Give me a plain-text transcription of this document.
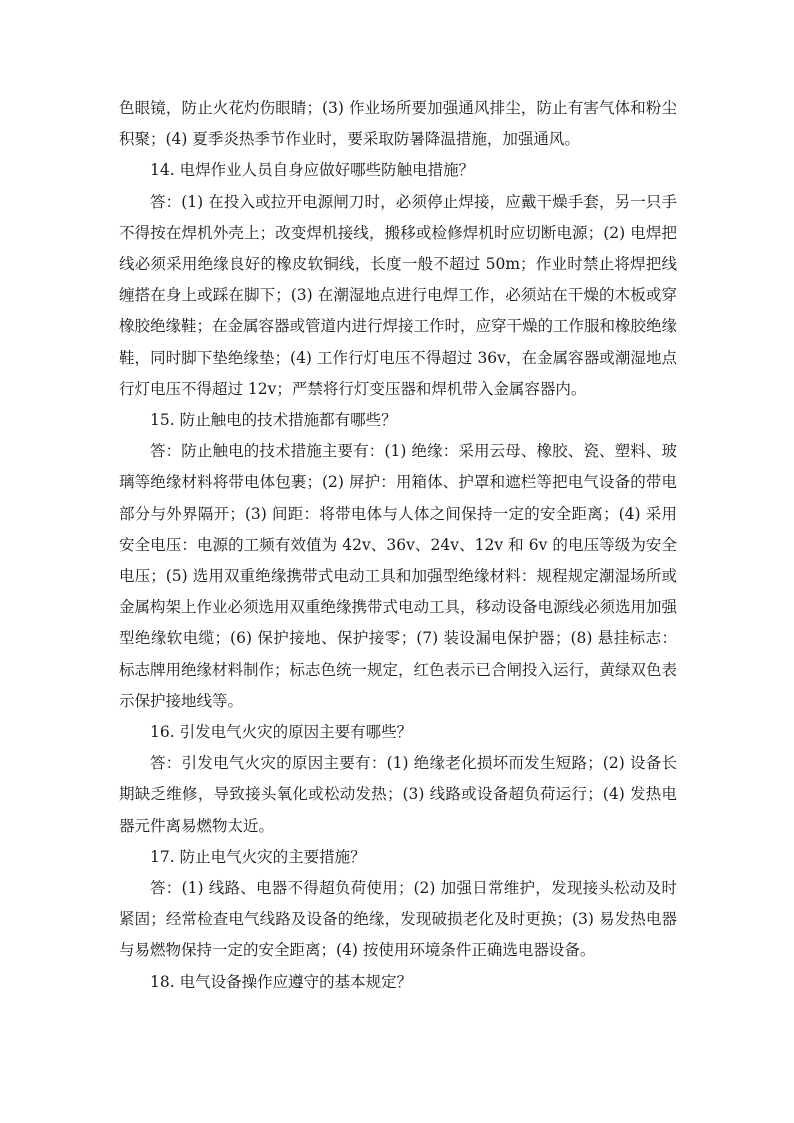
色眼镜，防止火花灼伤眼睛；(3) 作业场所要加强通风排尘，防止有害气体和粉尘积聚；(4) 夏季炎热季节作业时，要采取防暑降温措施，加强通风。

14. 电焊作业人员自身应做好哪些防触电措施？

答：(1) 在投入或拉开电源闸刀时，必须停止焊接，应戴干燥手套，另一只手不得按在焊机外壳上；改变焊机接线，搬移或检修焊机时应切断电源；(2) 电焊把线必须采用绝缘良好的橡皮软铜线，长度一般不超过 50m；作业时禁止将焊把线缠搭在身上或踩在脚下；(3) 在潮湿地点进行电焊工作，必须站在干燥的木板或穿橡胶绝缘鞋；在金属容器或管道内进行焊接工作时，应穿干燥的工作服和橡胶绝缘鞋，同时脚下垫绝缘垫；(4) 工作行灯电压不得超过 36v，在金属容器或潮湿地点行灯电压不得超过 12v；严禁将行灯变压器和焊机带入金属容器内。

15. 防止触电的技术措施都有哪些？

答：防止触电的技术措施主要有：(1) 绝缘：采用云母、橡胶、瓷、塑料、玻璃等绝缘材料将带电体包裹；(2) 屏护：用箱体、护罩和遮栏等把电气设备的带电部分与外界隔开；(3) 间距：将带电体与人体之间保持一定的安全距离；(4) 采用安全电压：电源的工频有效值为 42v、36v、24v、12v 和 6v 的电压等级为安全电压；(5) 选用双重绝缘携带式电动工具和加强型绝缘材料：规程规定潮湿场所或金属构架上作业必须选用双重绝缘携带式电动工具，移动设备电源线必须选用加强型绝缘软电缆；(6) 保护接地、保护接零；(7) 装设漏电保护器；(8) 悬挂标志：标志牌用绝缘材料制作；标志色统一规定，红色表示已合闸投入运行，黄绿双色表示保护接地线等。

16. 引发电气火灾的原因主要有哪些？

答：引发电气火灾的原因主要有：(1) 绝缘老化损坏而发生短路；(2) 设备长期缺乏维修，导致接头氧化或松动发热；(3) 线路或设备超负荷运行；(4) 发热电器元件离易燃物太近。

17. 防止电气火灾的主要措施？

答：(1) 线路、电器不得超负荷使用；(2) 加强日常维护，发现接头松动及时紧固；经常检查电气线路及设备的绝缘，发现破损老化及时更换；(3) 易发热电器与易燃物保持一定的安全距离；(4) 按使用环境条件正确选电器设备。

18. 电气设备操作应遵守的基本规定？
